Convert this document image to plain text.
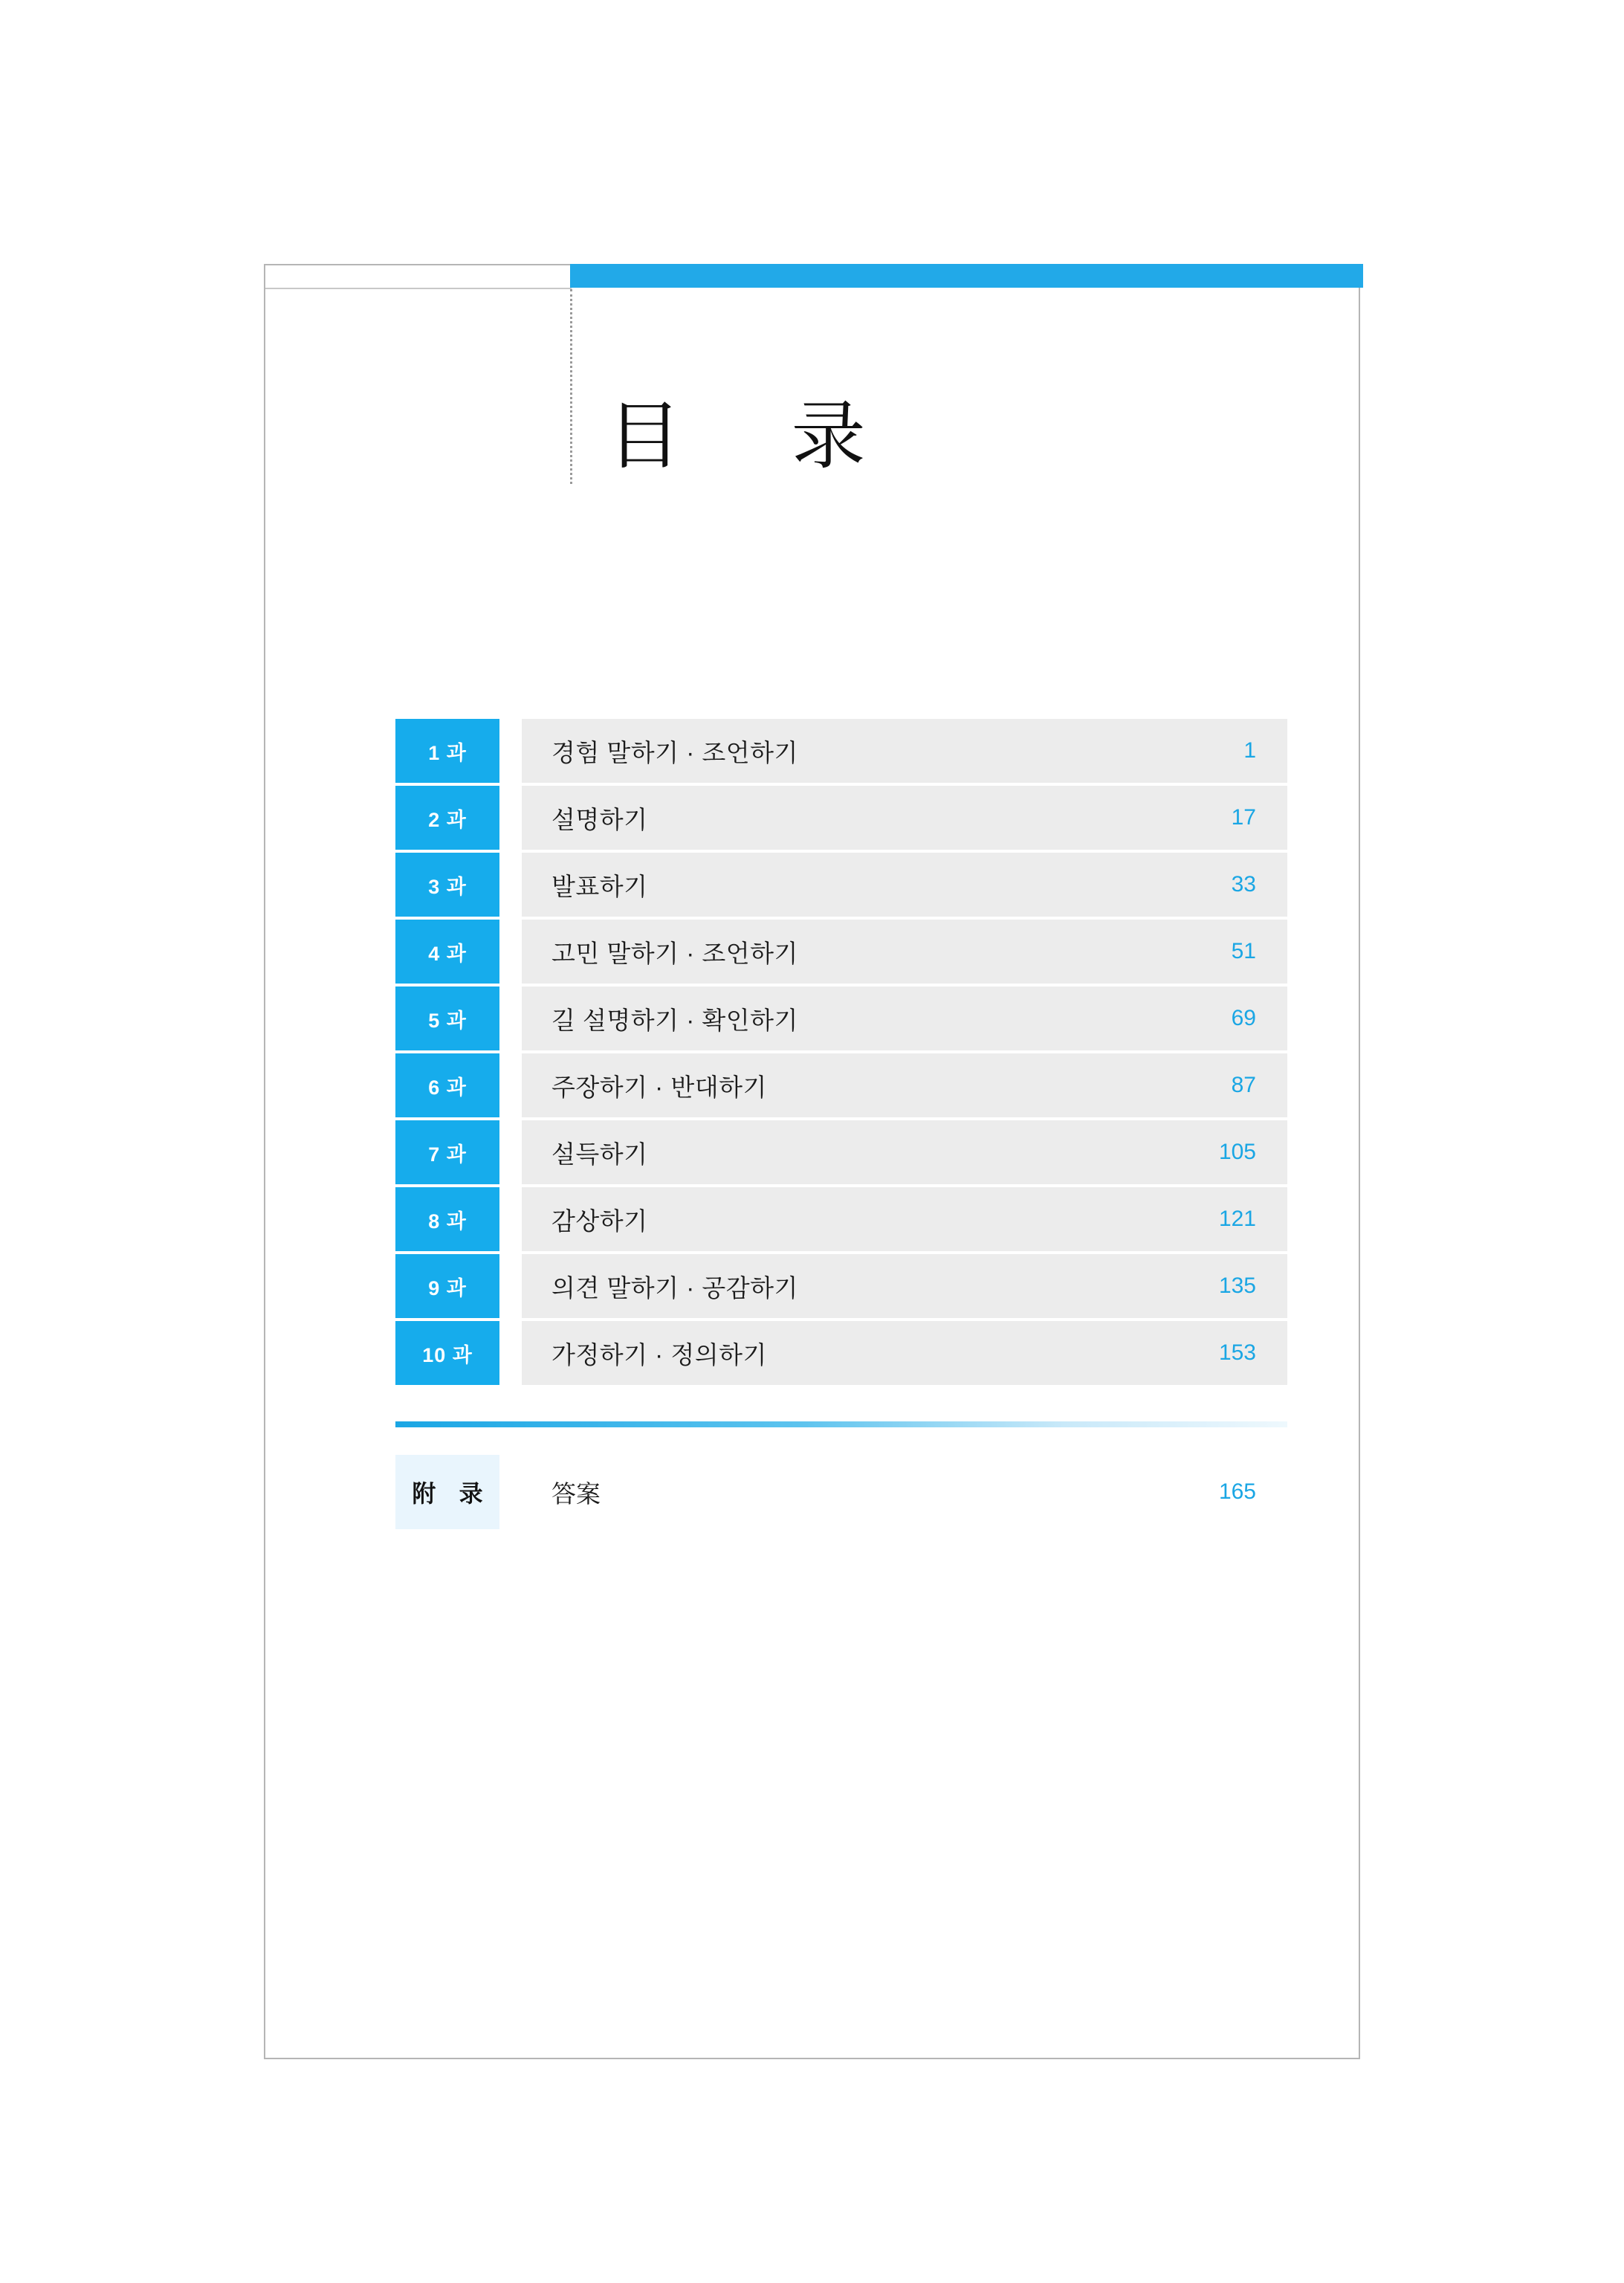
目  录
1 과	경험 말하기 · 조언하기	1
2 과	설명하기	17
3 과	발표하기	33
4 과	고민 말하기 · 조언하기	51
5 과	길 설명하기 · 확인하기	69
6 과	주장하기 · 반대하기	87
7 과	설득하기	105
8 과	감상하기	121
9 과	의견 말하기 · 공감하기	135
10 과	가정하기 · 정의하기	153
附 录	答案	165
